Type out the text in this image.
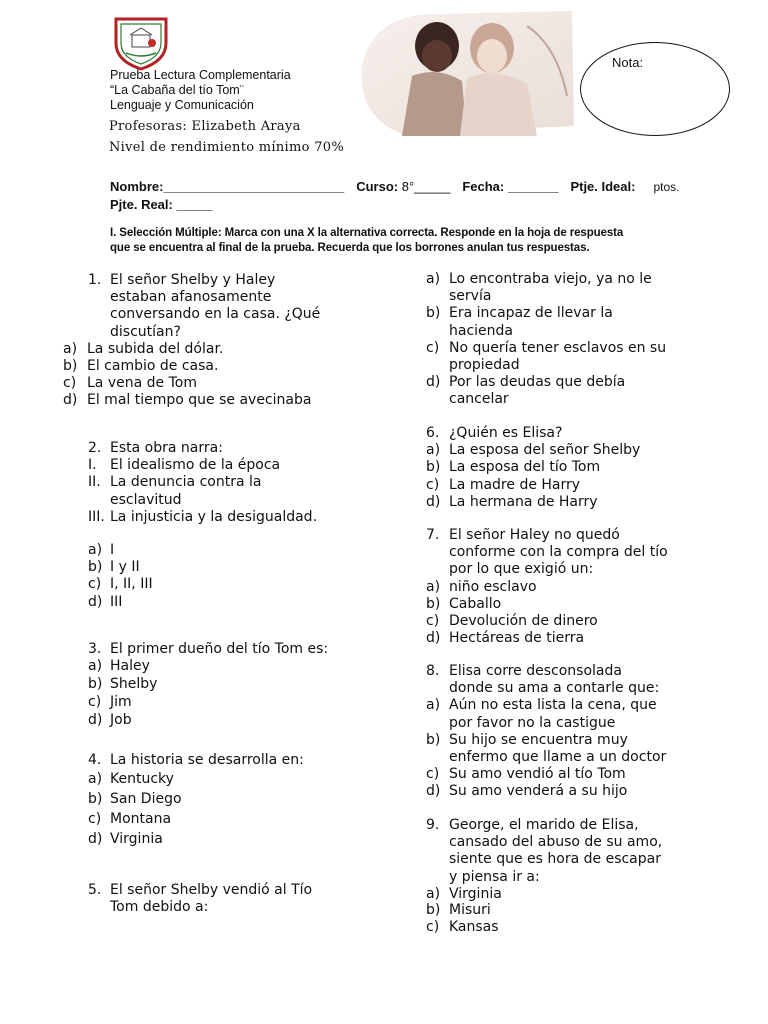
Prueba Lectura Complementaria
“La Cabaña del tío Tom¨
Lenguaje y Comunicación
Profesoras: Elizabeth Araya
Nivel de rendimiento mínimo 70%
Nota:
Nombre:_________________________ Curso: 8°_____ Fecha: _______ Ptje. Ideal: ptos.
Pjte. Real: _____
I. Selección Múltiple: Marca con una X la alternativa correcta. Responde en la hoja de respuesta
que se encuentra al final de la prueba. Recuerda que los borrones anulan tus respuestas.
1. El señor Shelby y Haley
estaban afanosamente
conversando en la casa. ¿Qué
discutían?
a) La subida del dólar.
b) El cambio de casa.
c) La vena de Tom
d) El mal tiempo que se avecinaba
2. Esta obra narra:
I. El idealismo de la época
II. La denuncia contra la
esclavitud
III. La injusticia y la desigualdad.
a) I
b) I y II
c) I, II, III
d) III
3. El primer dueño del tío Tom es:
a) Haley
b) Shelby
c) Jim
d) Job
4. La historia se desarrolla en:
a) Kentucky
b) San Diego
c) Montana
d) Virginia
5. El señor Shelby vendió al Tío
Tom debido a:
a) Lo encontraba viejo, ya no le
servía
b) Era incapaz de llevar la
hacienda
c) No quería tener esclavos en su
propiedad
d) Por las deudas que debía
cancelar
6. ¿Quién es Elisa?
a) La esposa del señor Shelby
b) La esposa del tío Tom
c) La madre de Harry
d) La hermana de Harry
7. El señor Haley no quedó
conforme con la compra del tío
por lo que exigió un:
a) niño esclavo
b) Caballo
c) Devolución de dinero
d) Hectáreas de tierra
8. Elisa corre desconsolada
donde su ama a contarle que:
a) Aún no esta lista la cena, que
por favor no la castigue
b) Su hijo se encuentra muy
enfermo que llame a un doctor
c) Su amo vendió al tío Tom
d) Su amo venderá a su hijo
9. George, el marido de Elisa,
cansado del abuso de su amo,
siente que es hora de escapar
y piensa ir a:
a) Virginia
b) Misuri
c) Kansas
